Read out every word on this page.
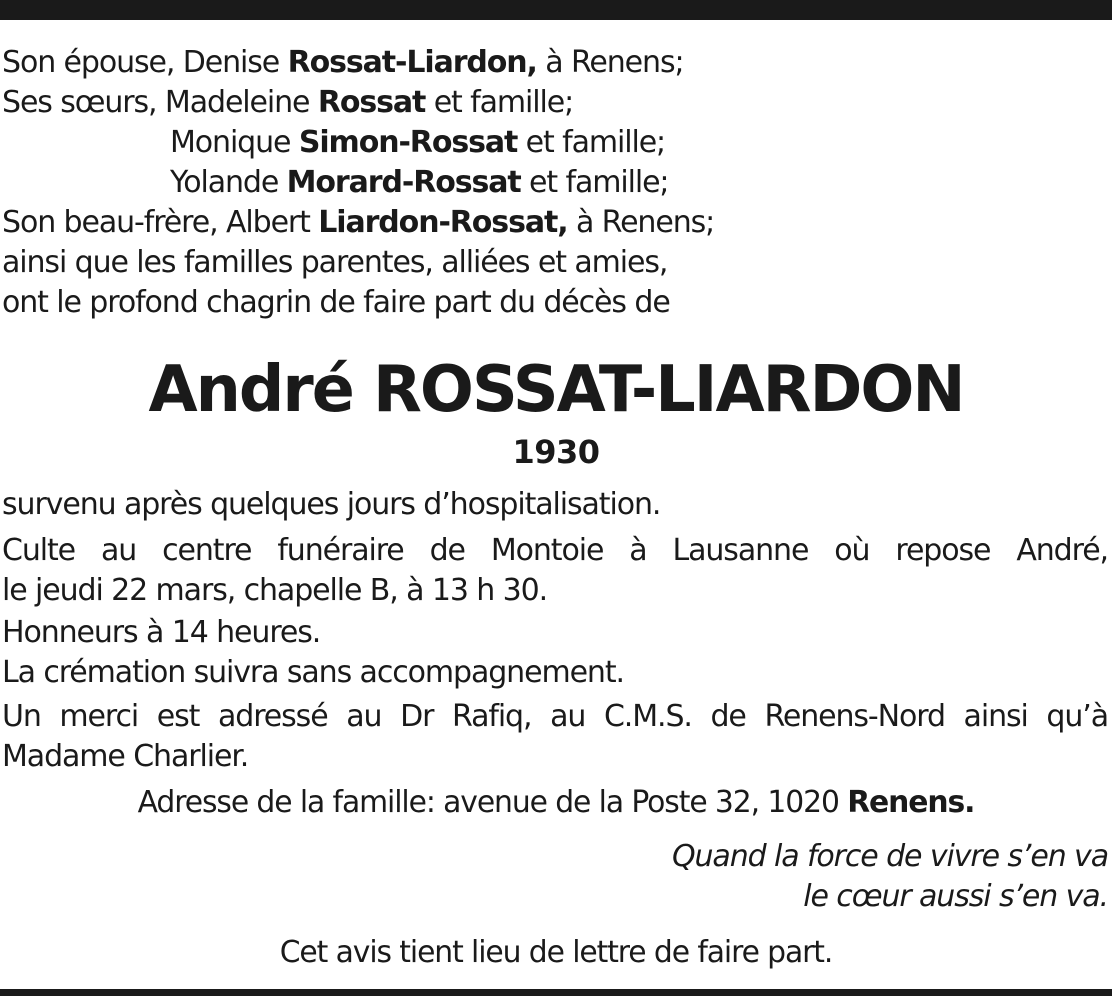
Son épouse, Denise Rossat-Liardon, à Renens;
Ses sœurs, Madeleine Rossat et famille;
Monique Simon-Rossat et famille;
Yolande Morard-Rossat et famille;
Son beau-frère, Albert Liardon-Rossat, à Renens;
ainsi que les familles parentes, alliées et amies,
ont le profond chagrin de faire part du décès de
André ROSSAT-LIARDON
1930
survenu après quelques jours d’hospitalisation.
Culte au centre funéraire de Montoie à Lausanne où repose André,
le jeudi 22 mars, chapelle B, à 13 h 30.
Honneurs à 14 heures.
La crémation suivra sans accompagnement.
Un merci est adressé au Dr Rafiq, au C.M.S. de Renens-Nord ainsi qu’à
Madame Charlier.
Adresse de la famille: avenue de la Poste 32, 1020 Renens.
Quand la force de vivre s’en va
le cœur aussi s’en va.
Cet avis tient lieu de lettre de faire part.
